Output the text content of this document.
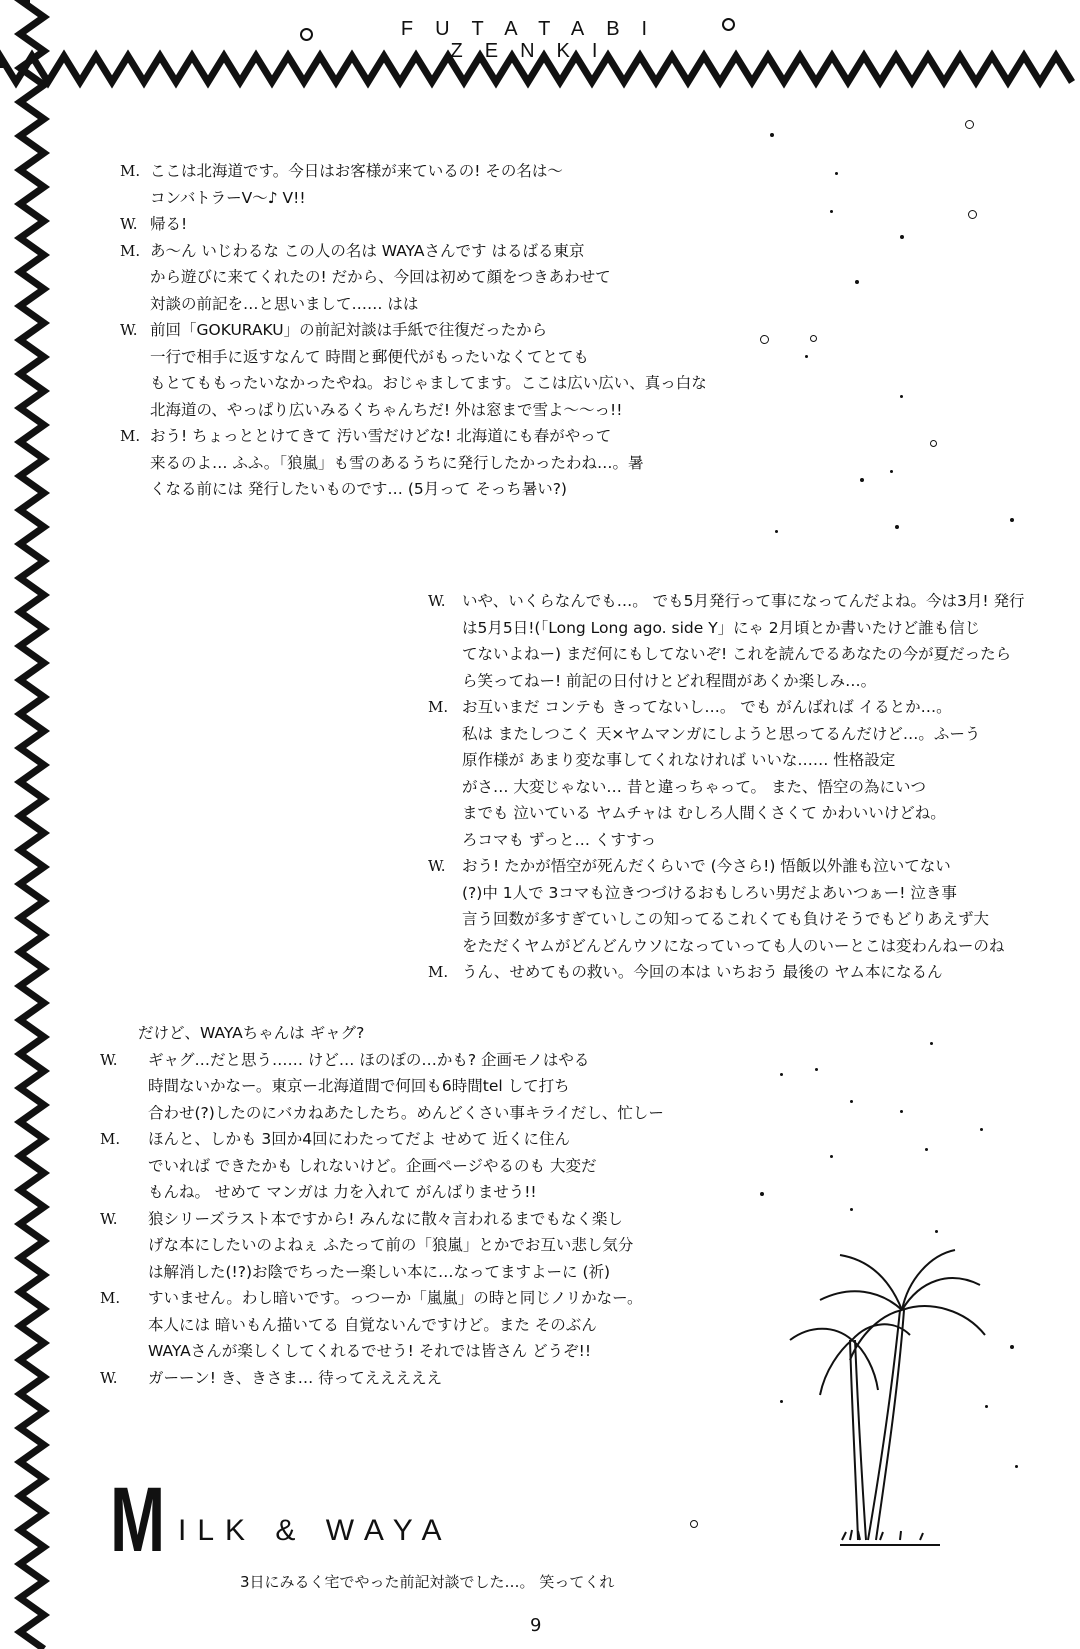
FUTATABI
ZENKI
M. ここは北海道です。今日はお客様が来ているの! その名は〜
コンバトラーV〜♪ V!!
W. 帰る!
M. あ〜ん いじわるな この人の名は WAYAさんです はるばる東京
から遊びに来てくれたの! だから、今回は初めて顔をつきあわせて
対談の前記を…と思いまして…… はは
W. 前回「GOKURAKU」の前記対談は手紙で往復だったから
一行で相手に返すなんて 時間と郵便代がもったいなくてとても
もとてももったいなかったやね。おじゃましてます。ここは広い広い、真っ白な
北海道の、やっぱり広いみるくちゃんちだ! 外は窓まで雪よ〜〜っ!!
M. おう! ちょっととけてきて 汚い雪だけどな! 北海道にも春がやって
来るのよ… ふふ。「狼嵐」も雪のあるうちに発行したかったわね…。暑
くなる前には 発行したいものです… (5月って そっち暑い?)
W. いや、いくらなんでも…。 でも5月発行って事になってんだよね。今は3月! 発行
は5月5日!(「Long Long ago. side Y」にゃ 2月頃とか書いたけど誰も信じ
てないよねー) まだ何にもしてないぞ! これを読んでるあなたの今が夏だったら
ら笑ってねー! 前記の日付けとどれ程間があくか楽しみ…。
M. お互いまだ コンテも きってないし…。 でも がんばれば イるとか…。
私は またしつこく 天×ヤムマンガにしようと思ってるんだけど…。ふーう
原作様が あまり変な事してくれなければ いいな…… 性格設定
がさ… 大変じゃない… 昔と違っちゃって。 また、悟空の為にいつ
までも 泣いている ヤムチャは むしろ人間くさくて かわいいけどね。
ろコマも ずっと… くすすっ
W. おう! たかが悟空が死んだくらいで (今さら!) 悟飯以外誰も泣いてない
(?)中 1人で 3コマも泣きつづけるおもしろい男だよあいつぁー! 泣き事
言う回数が多すぎていしこの知ってるこれくても負けそうでもどりあえず大
をただくヤムがどんどんウソになっていっても人のいーとこは変わんねーのね
M. うん、せめてもの救い。今回の本は いちおう 最後の ヤム本になるん
だけど、WAYAちゃんは ギャグ?
W. ギャグ…だと思う…… けど… ほのぼの…かも? 企画モノはやる
時間ないかなー。東京ー北海道間で何回も6時間tel して打ち
合わせ(?)したのにバカねあたしたち。めんどくさい事キライだし、忙しー
M. ほんと、しかも 3回か4回にわたってだよ せめて 近くに住ん
でいれば できたかも しれないけど。企画ページやるのも 大変だ
もんね。 せめて マンガは 力を入れて がんばりませう!!
W. 狼シリーズラスト本ですから! みんなに散々言われるまでもなく楽し
げな本にしたいのよねぇ ふたって前の「狼嵐」とかでお互い悲し気分
は解消した(!?)お陰でちったー楽しい本に…なってますよーに (祈)
M. すいません。わし暗いです。っつーか「嵐嵐」の時と同じノリかなー。
本人には 暗いもん描いてる 自覚ないんですけど。また そのぶん
WAYAさんが楽しくしてくれるでせう! それでは皆さん どうぞ!!
W. ガーーン! き、きさま… 待ってえええええ
M ILK & WAYA
3日にみるく宅でやった前記対談でした…。 笑ってくれ
9
